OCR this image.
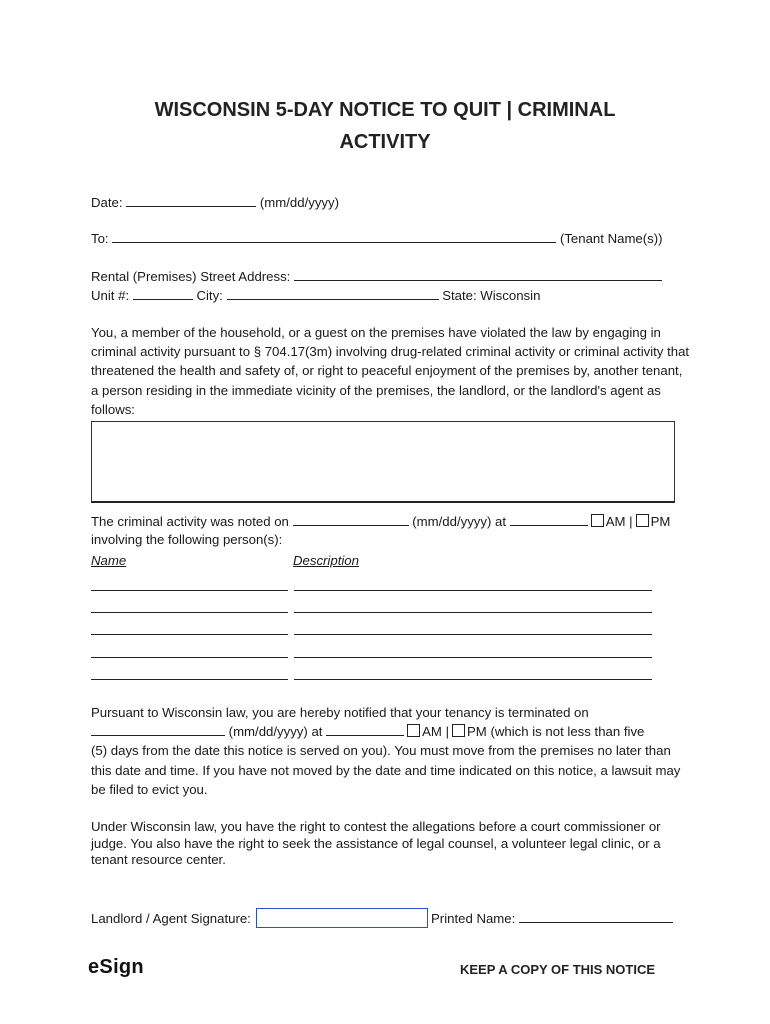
WISCONSIN 5-DAY NOTICE TO QUIT | CRIMINAL
ACTIVITY
Date:	(mm/dd/yyyy)
To:	(Tenant Name(s))
Rental (Premises) Street Address:
Unit #:	City:	State: Wisconsin
You, a member of the household, or a guest on the premises have violated the law by engaging in criminal activity pursuant to § 704.17(3m) involving drug-related criminal activity or criminal activity that threatened the health and safety of, or right to peaceful enjoyment of the premises by, another tenant, a person residing in the immediate vicinity of the premises, the landlord, or the landlord's agent as follows:
The criminal activity was noted on	(mm/dd/yyyy) at	AM | PM
involving the following person(s):
Name	Description
Pursuant to Wisconsin law, you are hereby notified that your tenancy is terminated on
(mm/dd/yyyy) at	AM | PM (which is not less than five
(5) days from the date this notice is served on you). You must move from the premises no later than this date and time. If you have not moved by the date and time indicated on this notice, a lawsuit may be filed to evict you.
Under Wisconsin law, you have the right to contest the allegations before a court commissioner or judge. You also have the right to seek the assistance of legal counsel, a volunteer legal clinic, or a tenant resource center.
Landlord / Agent Signature:	Printed Name:
eSign	KEEP A COPY OF THIS NOTICE
